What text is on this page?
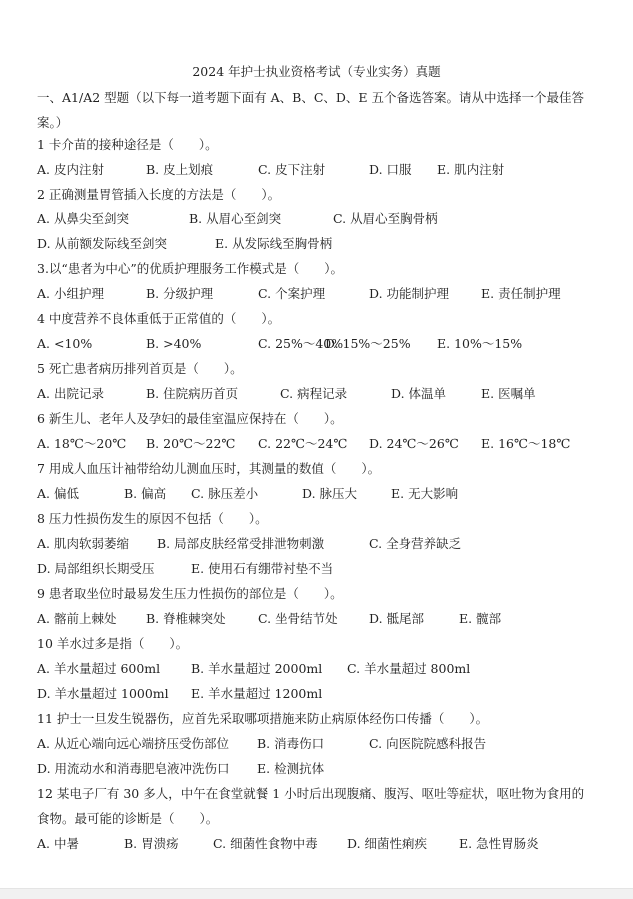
2024 年护士执业资格考试（专业实务）真题
一、A1/A2 型题（以下每一道考题下面有 A、B、C、D、E 五个备选答案。请从中选择一个最佳答
案。）
1 卡介苗的接种途径是（　　）。
A. 皮内注射	B. 皮上划痕	C. 皮下注射	D. 口服 E. 肌内注射
2 正确测量胃管插入长度的方法是（　　）。
A. 从鼻尖至剑突	B. 从眉心至剑突	C. 从眉心至胸骨柄
D. 从前额发际线至剑突	E. 从发际线至胸骨柄
3.以“患者为中心”的优质护理服务工作模式是（　　）。
A. 小组护理	B. 分级护理	C. 个案护理	D. 功能制护理	E. 责任制护理
4 中度营养不良体重低于正常值的（　　）。
A. <10%	B. >40%	C. 25%～40%
D. 15%～25% E. 10%～15%
5 死亡患者病历排列首页是（　　）。
A. 出院记录	B. 住院病历首页	C. 病程记录	D. 体温单	E. 医嘱单
6 新生儿、老年人及孕妇的最佳室温应保持在（　　）。
A. 18℃～20℃ B. 20℃～22℃ C. 22℃～24℃ D. 24℃～26℃ E. 16℃～18℃
7 用成人血压计袖带给幼儿测血压时，其测量的数值（　　）。
A. 偏低	B. 偏高 C. 脉压差小	D. 脉压大	E. 无大影响
8 压力性损伤发生的原因不包括（　　）。
A. 肌肉软弱萎缩 B. 局部皮肤经常受排泄物刺激	C. 全身营养缺乏
D. 局部组织长期受压	E. 使用石有绷带衬垫不当
9 患者取坐位时最易发生压力性损伤的部位是（　　）。
A. 髂前上棘处 B. 脊椎棘突处	C. 坐骨结节处	D. 骶尾部	E. 髋部
10 羊水过多是指（　　）。
A. 羊水量超过 600ml B. 羊水量超过 2000ml C. 羊水量超过 800ml
D. 羊水量超过 1000ml E. 羊水量超过 1200ml
11 护士一旦发生锐器伤，应首先采取哪项措施来防止病原体经伤口传播（　　）。
A. 从近心端向远心端挤压受伤部位 B. 消毒伤口	C. 向医院院感科报告
D. 用流动水和消毒肥皂液冲洗伤口 E. 检测抗体
12 某电子厂有 30 多人，中午在食堂就餐 1 小时后出现腹痛、腹泻、呕吐等症状，呕吐物为食用的
食物。最可能的诊断是（　　）。
A. 中暑	B. 胃溃疡	C. 细菌性食物中毒 D. 细菌性痢疾	E. 急性胃肠炎
